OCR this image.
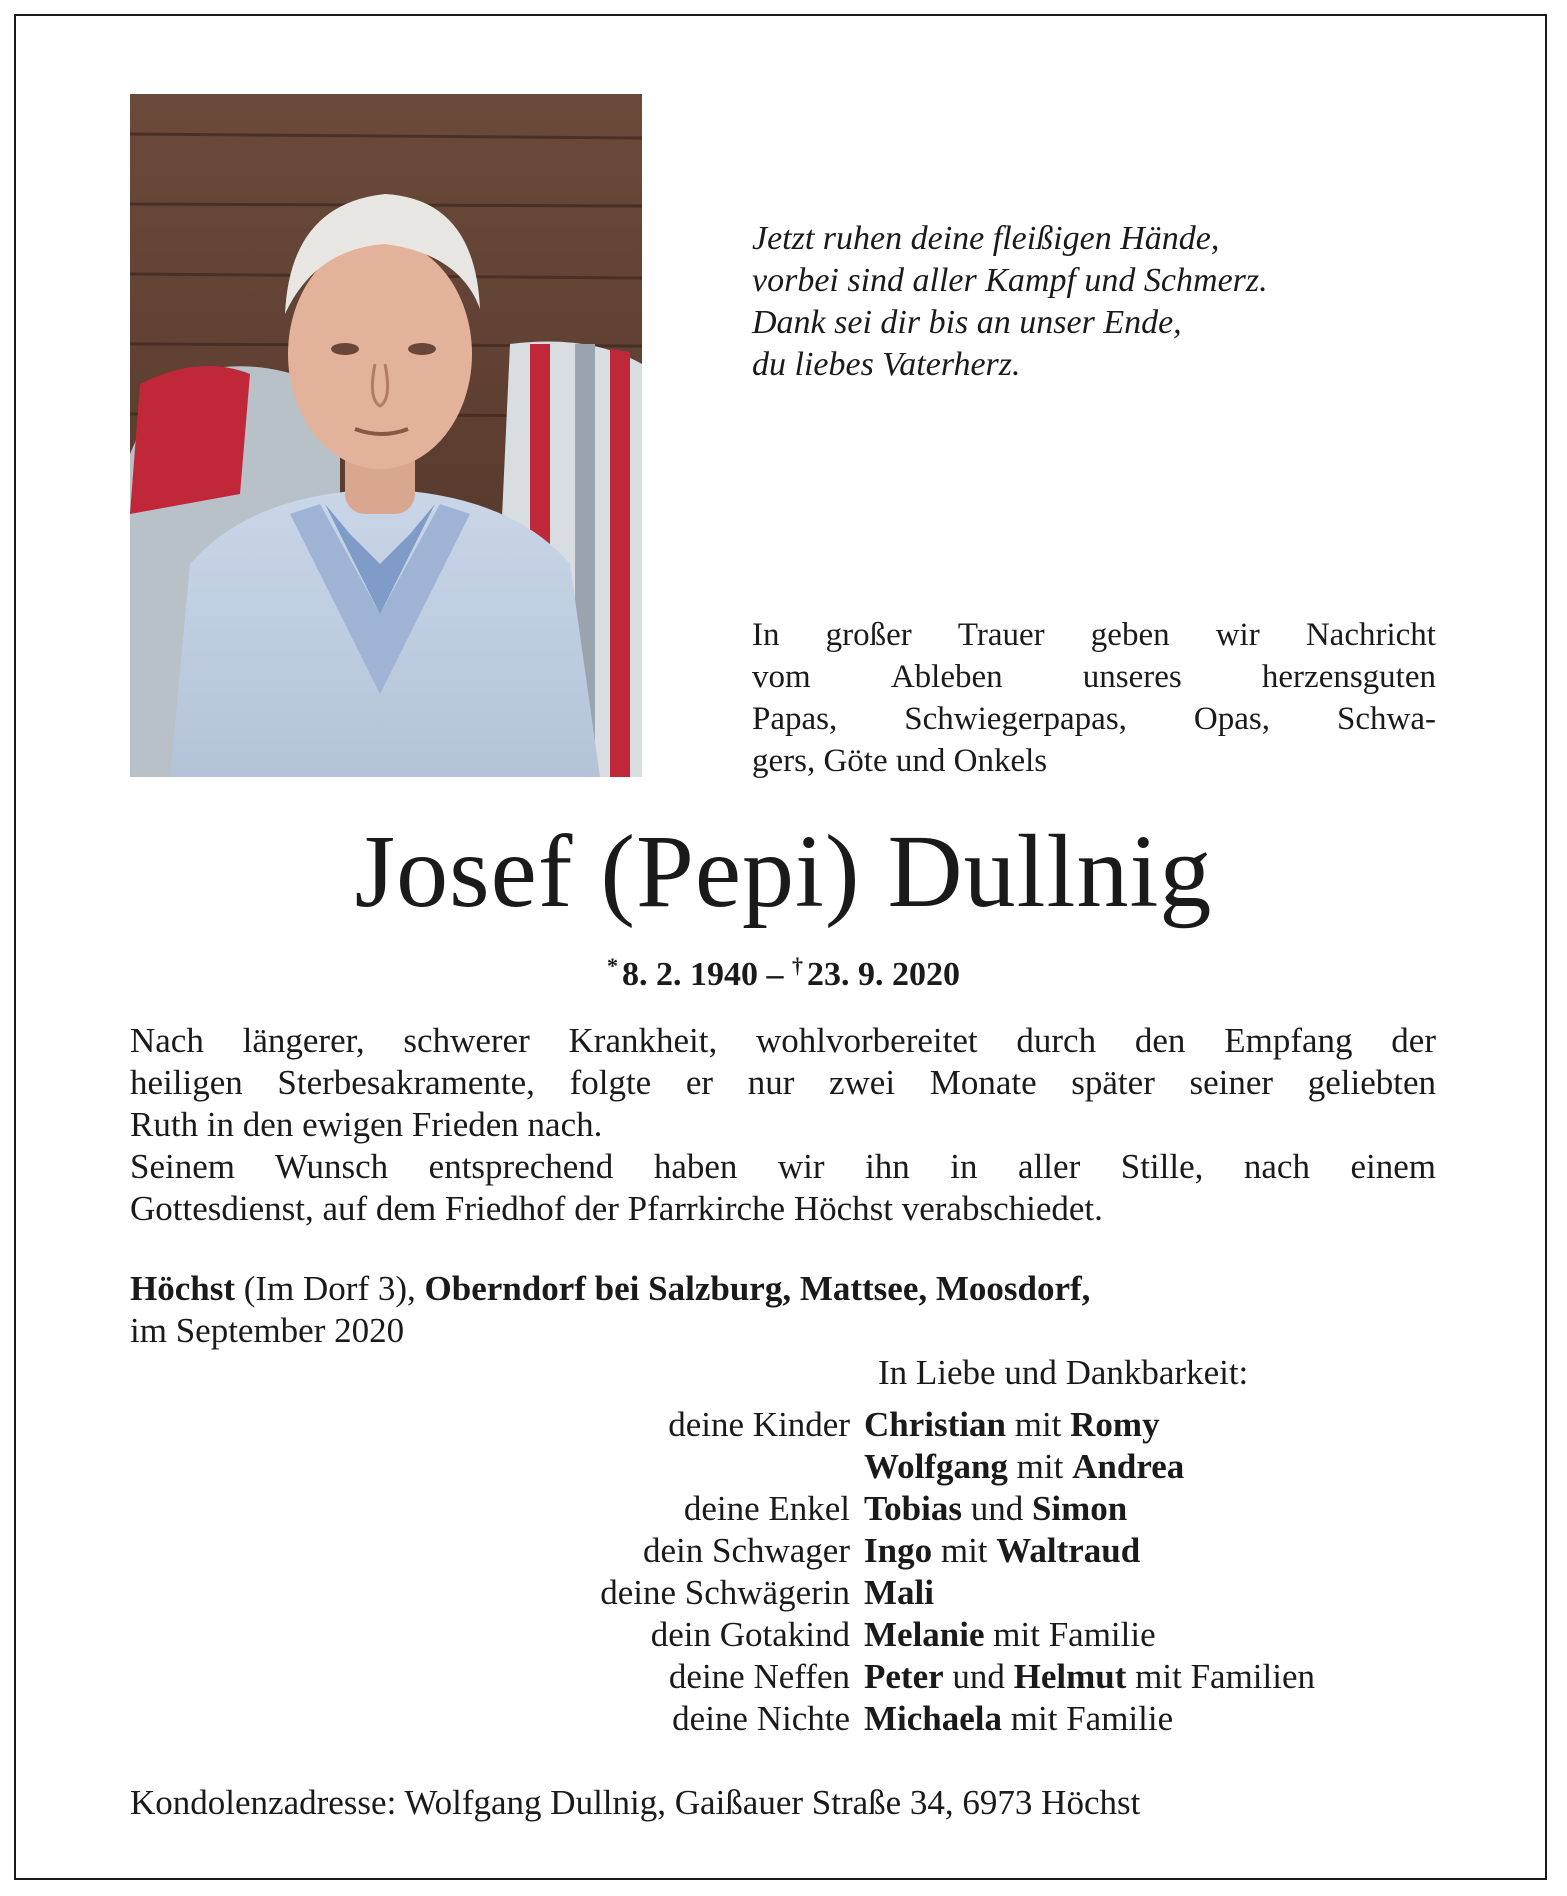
Jetzt ruhen deine fleißigen Hände,
vorbei sind aller Kampf und Schmerz.
Dank sei dir bis an unser Ende,
du liebes Vaterherz.
In großer Trauer geben wir Nachricht
vom Ableben unseres herzensguten
Papas, Schwiegerpapas, Opas, Schwa-
gers, Göte und Onkels
Josef (Pepi) Dullnig
* 8. 2. 1940 – † 23. 9. 2020

Nach längerer, schwerer Krankheit, wohlvorbereitet durch den Empfang der

heiligen Sterbesakramente, folgte er nur zwei Monate später seiner geliebten

Ruth in den ewigen Frieden nach.

Seinem Wunsch entsprechend haben wir ihn in aller Stille, nach einem

Gottesdienst, auf dem Friedhof der Pfarrkirche Höchst verabschiedet.

Höchst (Im Dorf 3), Oberndorf bei Salzburg, Mattsee, Moosdorf,
im September 2020
In Liebe und Dankbarkeit:
deine Kinder Christian mit Romy
Wolfgang mit Andrea
deine Enkel Tobias und Simon
dein Schwager Ingo mit Waltraud
deine Schwägerin Mali
dein Gotakind Melanie mit Familie
deine Neffen Peter und Helmut mit Familien
deine Nichte Michaela mit Familie
Kondolenzadresse: Wolfgang Dullnig, Gaißauer Straße 34, 6973 Höchst
